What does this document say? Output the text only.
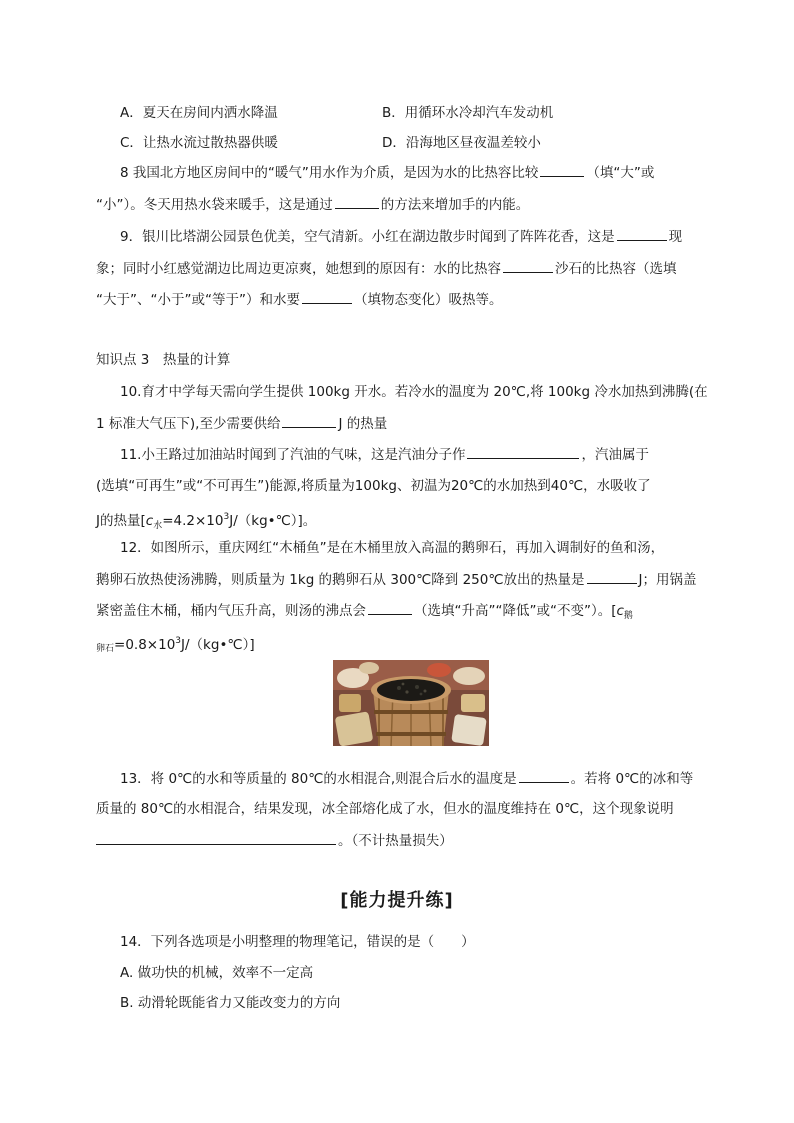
A．夏天在房间内洒水降温	B．用循环水冷却汽车发动机
C．让热水流过散热器供暖	D．沿海地区昼夜温差较小
8 我国北方地区房间中的“暖气”用水作为介质，是因为水的比热容比较	（填“大”或
“小”）。冬天用热水袋来暖手，这是通过	的方法来增加手的内能。
9．银川比塔湖公园景色优美，空气清新。小红在湖边散步时闻到了阵阵花香，这是	现
象；同时小红感觉湖边比周边更凉爽，她想到的原因有：水的比热容	沙石的比热容（选填
“大于”、“小于”或“等于”）和水要	（填物态变化）吸热等。
知识点 3　热量的计算
10.育才中学每天需向学生提供 100kg 开水。若冷水的温度为 20℃,将 100kg 冷水加热到沸腾(在
1 标准大气压下),至少需要供给	J 的热量
11.小王路过加油站时闻到了汽油的气味，这是汽油分子作	，汽油属于
(选填“可再生”或“不可再生”)能源,将质量为100kg、初温为20℃的水加热到40℃，水吸收了
J的热量$[c_水=4.2\times 10^3J/(kg•℃)]$。
12．如图所示，重庆网红“木桶鱼”是在木桶里放入高温的鹅卵石，再加入调制好的鱼和汤，
鹅卵石放热使汤沸腾，则质量为 1kg 的鹅卵石从 300℃降到 250℃放出的热量是	J；用锅盖
紧密盖住木桶，桶内气压升高，则汤的沸点会	（选填“升高”“降低”或“不变”）。[$c_鹅$
$_{卵石}=0.8\times 10^3J/(kg•℃)$]
13．将 0℃的水和等质量的 80℃的水相混合,则混合后水的温度是	。若将 0℃的冰和等
质量的 80℃的水相混合，结果发现，冰全部熔化成了水，但水的温度维持在 0℃，这个现象说明
。（不计热量损失）
[能力提升练]
14．下列各选项是小明整理的物理笔记，错误的是（　　）
A. 做功快的机械，效率不一定高
B. 动滑轮既能省力又能改变力的方向
